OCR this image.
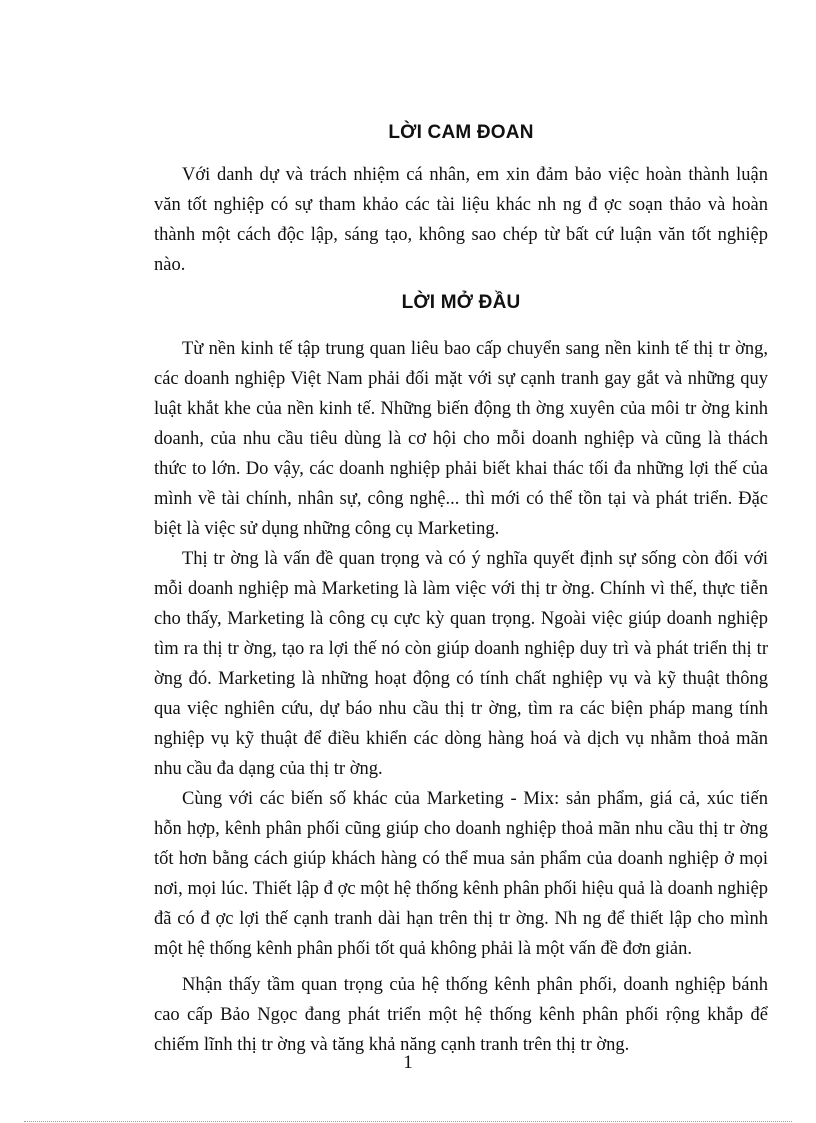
LỜI CAM ĐOAN

Với danh dự và trách nhiệm cá nhân, em xin đảm bảo việc hoàn thành luận văn tốt nghiệp có sự tham khảo các tài liệu khác nh ng đ ợc soạn thảo và hoàn thành một cách độc lập, sáng tạo, không sao chép từ bất cứ luận văn tốt nghiệp nào.

LỜI MỞ ĐẦU

Từ nền kinh tế tập trung quan liêu bao cấp chuyển sang nền kinh tế thị tr ờng, các doanh nghiệp Việt Nam phải đối mặt với sự cạnh tranh gay gắt và những quy luật khắt khe của nền kinh tế. Những biến động th ờng xuyên của môi tr ờng kinh doanh, của nhu cầu tiêu dùng là cơ hội cho mỗi doanh nghiệp và cũng là thách thức to lớn. Do vậy, các doanh nghiệp phải biết khai thác tối đa những lợi thế của mình về tài chính, nhân sự, công nghệ... thì mới có thể tồn tại và phát triển. Đặc biệt là việc sử dụng những công cụ Marketing.

Thị tr ờng là vấn đề quan trọng và có ý nghĩa quyết định sự sống còn đối với mỗi doanh nghiệp mà Marketing là làm việc với thị tr ờng. Chính vì thế, thực tiễn cho thấy, Marketing là công cụ cực kỳ quan trọng. Ngoài việc giúp doanh nghiệp tìm ra thị tr ờng, tạo ra lợi thế nó còn giúp doanh nghiệp duy trì và phát triển thị tr ờng đó. Marketing là những hoạt động có tính chất nghiệp vụ và kỹ thuật thông qua việc nghiên cứu, dự báo nhu cầu thị tr ờng, tìm ra các biện pháp mang tính nghiệp vụ kỹ thuật để điều khiển các dòng hàng hoá và dịch vụ nhằm thoả mãn nhu cầu đa dạng của thị tr ờng.

Cùng với các biến số khác của Marketing - Mix: sản phẩm, giá cả, xúc tiến hỗn hợp, kênh phân phối cũng giúp cho doanh nghiệp thoả mãn nhu cầu thị tr ờng tốt hơn bằng cách giúp khách hàng có thể mua sản phẩm của doanh nghiệp ở mọi nơi, mọi lúc. Thiết lập đ ợc một hệ thống kênh phân phối hiệu quả là doanh nghiệp đã có đ ợc lợi thế cạnh tranh dài hạn trên thị tr ờng. Nh ng để thiết lập cho mình một hệ thống kênh phân phối tốt quả không phải là một vấn đề đơn giản.

Nhận thấy tầm quan trọng của hệ thống kênh phân phối, doanh nghiệp bánh cao cấp Bảo Ngọc đang phát triển một hệ thống kênh phân phối rộng khắp để chiếm lĩnh thị tr ờng và tăng khả năng cạnh tranh trên thị tr ờng.

1
